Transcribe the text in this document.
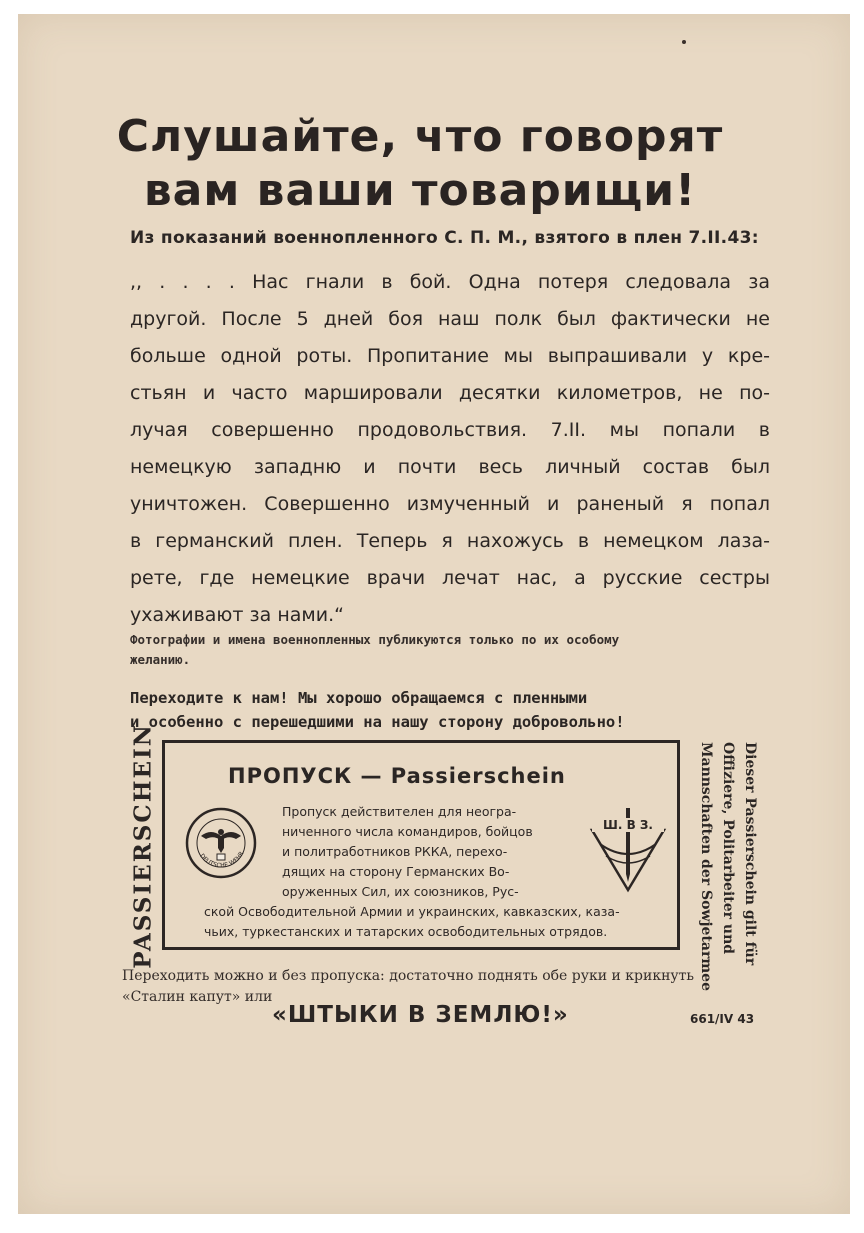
Слушайте, что говорят
вам ваши товарищи!
Из показаний военнопленного С. П. М., взятого в плен 7.II.43:
,, . . . . Нас гнали в бой. Одна потеря следовала за
другой. После 5 дней боя наш полк был фактически не
больше одной роты. Пропитание мы выпрашивали у кре-
стьян и часто маршировали десятки километров, не по-
лучая совершенно продовольствия. 7.II. мы попали в
немецкую западню и почти весь личный состав был
уничтожен. Совершенно измученный и раненый я попал
в германский плен. Теперь я нахожусь в немецком лаза-
рете, где немецкие врачи лечат нас, а русские сестры
ухаживают за нами.“
Фотографии и имена военнопленных публикуются только по их особому
желанию.
Переходите к нам! Мы хорошо обращаемся с пленными
и особенно с перешедшими на нашу сторону добровольно!
PASSIERSCHEIN	ПРОПУСК — Passierschein
DEUTSCHE WEHR
Пропуск действителен для неогра-
ниченного числа командиров, бойцов
и политработников РККА, перехо-
дящих на сторону Германских Во-
оруженных Сил, их союзников, Рус-
ской Освободительной Армии и украинских, кавказских, каза-
чьих, туркестанских и татарских освободительных отрядов.
Ш. В З.	Dieser Passierschein gilt für
Offiziere, Politarbeiter und
Mannschaften der Sowjetarmee
Переходить можно и без пропуска: достаточно поднять обе руки и крикнуть
«Сталин капут» или
«ШТЫКИ В ЗЕМЛЮ!»	661/IV 43
